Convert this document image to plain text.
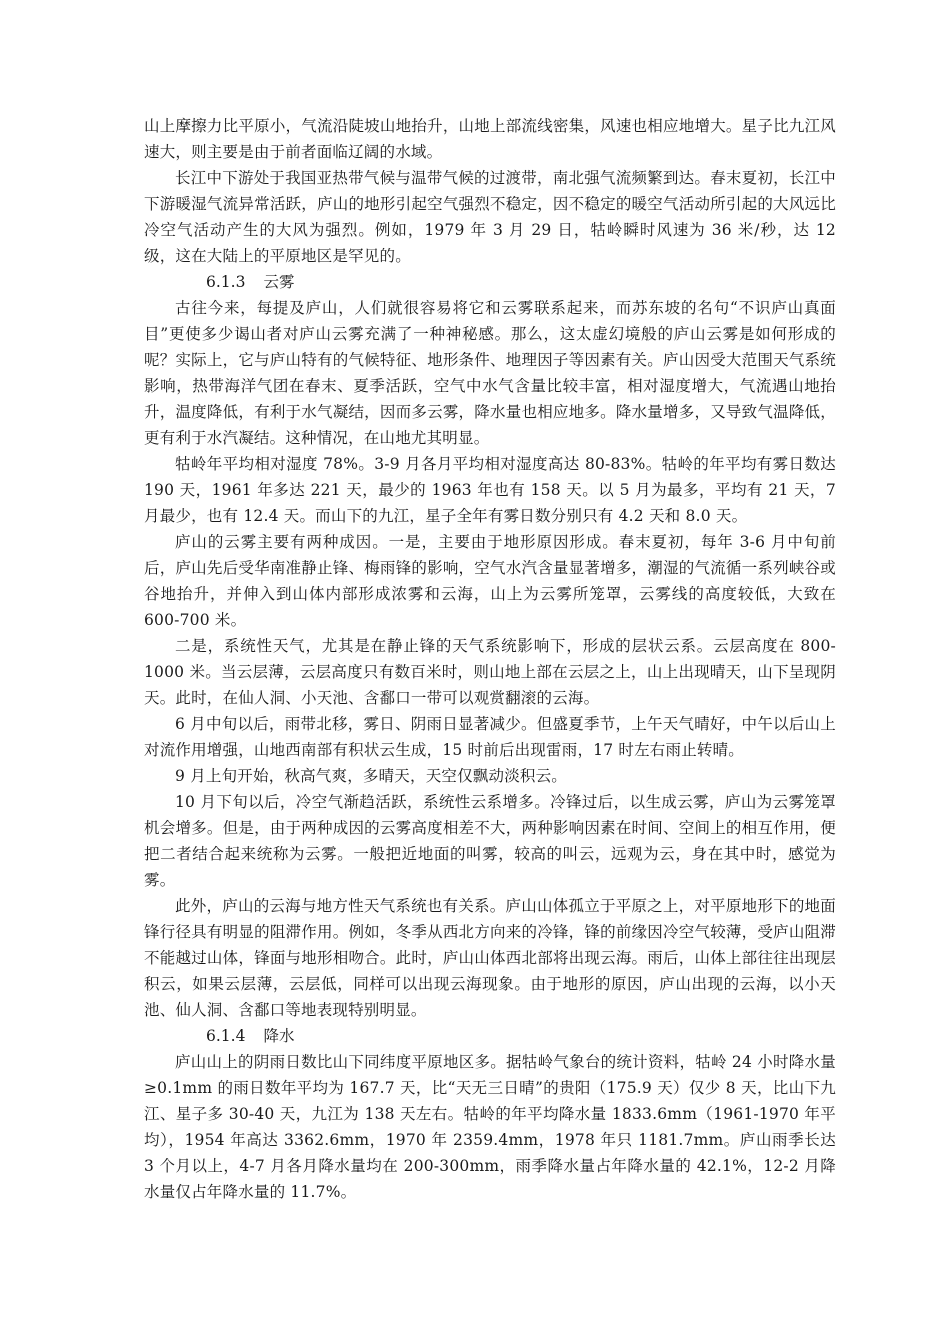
山上摩擦力比平原小，气流沿陡坡山地抬升，山地上部流线密集，风速也相应地增大。星子比九江风速大，则主要是由于前者面临辽阔的水域。

长江中下游处于我国亚热带气候与温带气候的过渡带，南北强气流频繁到达。春末夏初，长江中下游暖湿气流异常活跃，庐山的地形引起空气强烈不稳定，因不稳定的暖空气活动所引起的大风远比冷空气活动产生的大风为强烈。例如，1979 年 3 月 29 日，牯岭瞬时风速为 36 米/秒，达 12 级，这在大陆上的平原地区是罕见的。

6.1.3 云雾

古往今来，每提及庐山，人们就很容易将它和云雾联系起来，而苏东坡的名句“不识庐山真面目”更使多少谒山者对庐山云雾充满了一种神秘感。那么，这太虚幻境般的庐山云雾是如何形成的呢？实际上，它与庐山特有的气候特征、地形条件、地理因子等因素有关。庐山因受大范围天气系统影响，热带海洋气团在春末、夏季活跃，空气中水气含量比较丰富，相对湿度增大，气流遇山地抬升，温度降低，有利于水气凝结，因而多云雾，降水量也相应地多。降水量增多，又导致气温降低，更有利于水汽凝结。这种情况，在山地尤其明显。

牯岭年平均相对湿度 78%。3-9 月各月平均相对湿度高达 80-83%。牯岭的年平均有雾日数达 190 天，1961 年多达 221 天，最少的 1963 年也有 158 天。以 5 月为最多，平均有 21 天，7 月最少，也有 12.4 天。而山下的九江，星子全年有雾日数分别只有 4.2 天和 8.0 天。

庐山的云雾主要有两种成因。一是，主要由于地形原因形成。春末夏初，每年 3-6 月中旬前后，庐山先后受华南准静止锋、梅雨锋的影响，空气水汽含量显著增多，潮湿的气流循一系列峡谷或谷地抬升，并伸入到山体内部形成浓雾和云海，山上为云雾所笼罩，云雾线的高度较低，大致在 600-700 米。

二是，系统性天气，尤其是在静止锋的天气系统影响下，形成的层状云系。云层高度在 800-1000 米。当云层薄，云层高度只有数百米时，则山地上部在云层之上，山上出现晴天，山下呈现阴天。此时，在仙人洞、小天池、含鄱口一带可以观赏翻滚的云海。

6 月中旬以后，雨带北移，雾日、阴雨日显著减少。但盛夏季节，上午天气晴好，中午以后山上对流作用增强，山地西南部有积状云生成，15 时前后出现雷雨，17 时左右雨止转晴。

9 月上旬开始，秋高气爽，多晴天，天空仅飘动淡积云。

10 月下旬以后，冷空气渐趋活跃，系统性云系增多。冷锋过后，以生成云雾，庐山为云雾笼罩机会增多。但是，由于两种成因的云雾高度相差不大，两种影响因素在时间、空间上的相互作用，便把二者结合起来统称为云雾。一般把近地面的叫雾，较高的叫云，远观为云，身在其中时，感觉为雾。

此外，庐山的云海与地方性天气系统也有关系。庐山山体孤立于平原之上，对平原地形下的地面锋行径具有明显的阻滞作用。例如，冬季从西北方向来的冷锋，锋的前缘因冷空气较薄，受庐山阻滞不能越过山体，锋面与地形相吻合。此时，庐山山体西北部将出现云海。雨后，山体上部往往出现层积云，如果云层薄，云层低，同样可以出现云海现象。由于地形的原因，庐山出现的云海，以小天池、仙人洞、含鄱口等地表现特别明显。

6.1.4 降水

庐山山上的阴雨日数比山下同纬度平原地区多。据牯岭气象台的统计资料，牯岭 24 小时降水量≥0.1mm 的雨日数年平均为 167.7 天，比“天无三日晴”的贵阳（175.9 天）仅少 8 天，比山下九江、星子多 30-40 天，九江为 138 天左右。牯岭的年平均降水量 1833.6mm（1961-1970 年平均），1954 年高达 3362.6mm，1970 年 2359.4mm，1978 年只 1181.7mm。庐山雨季长达 3 个月以上，4-7 月各月降水量均在 200-300mm，雨季降水量占年降水量的 42.1%，12-2 月降水量仅占年降水量的 11.7%。
